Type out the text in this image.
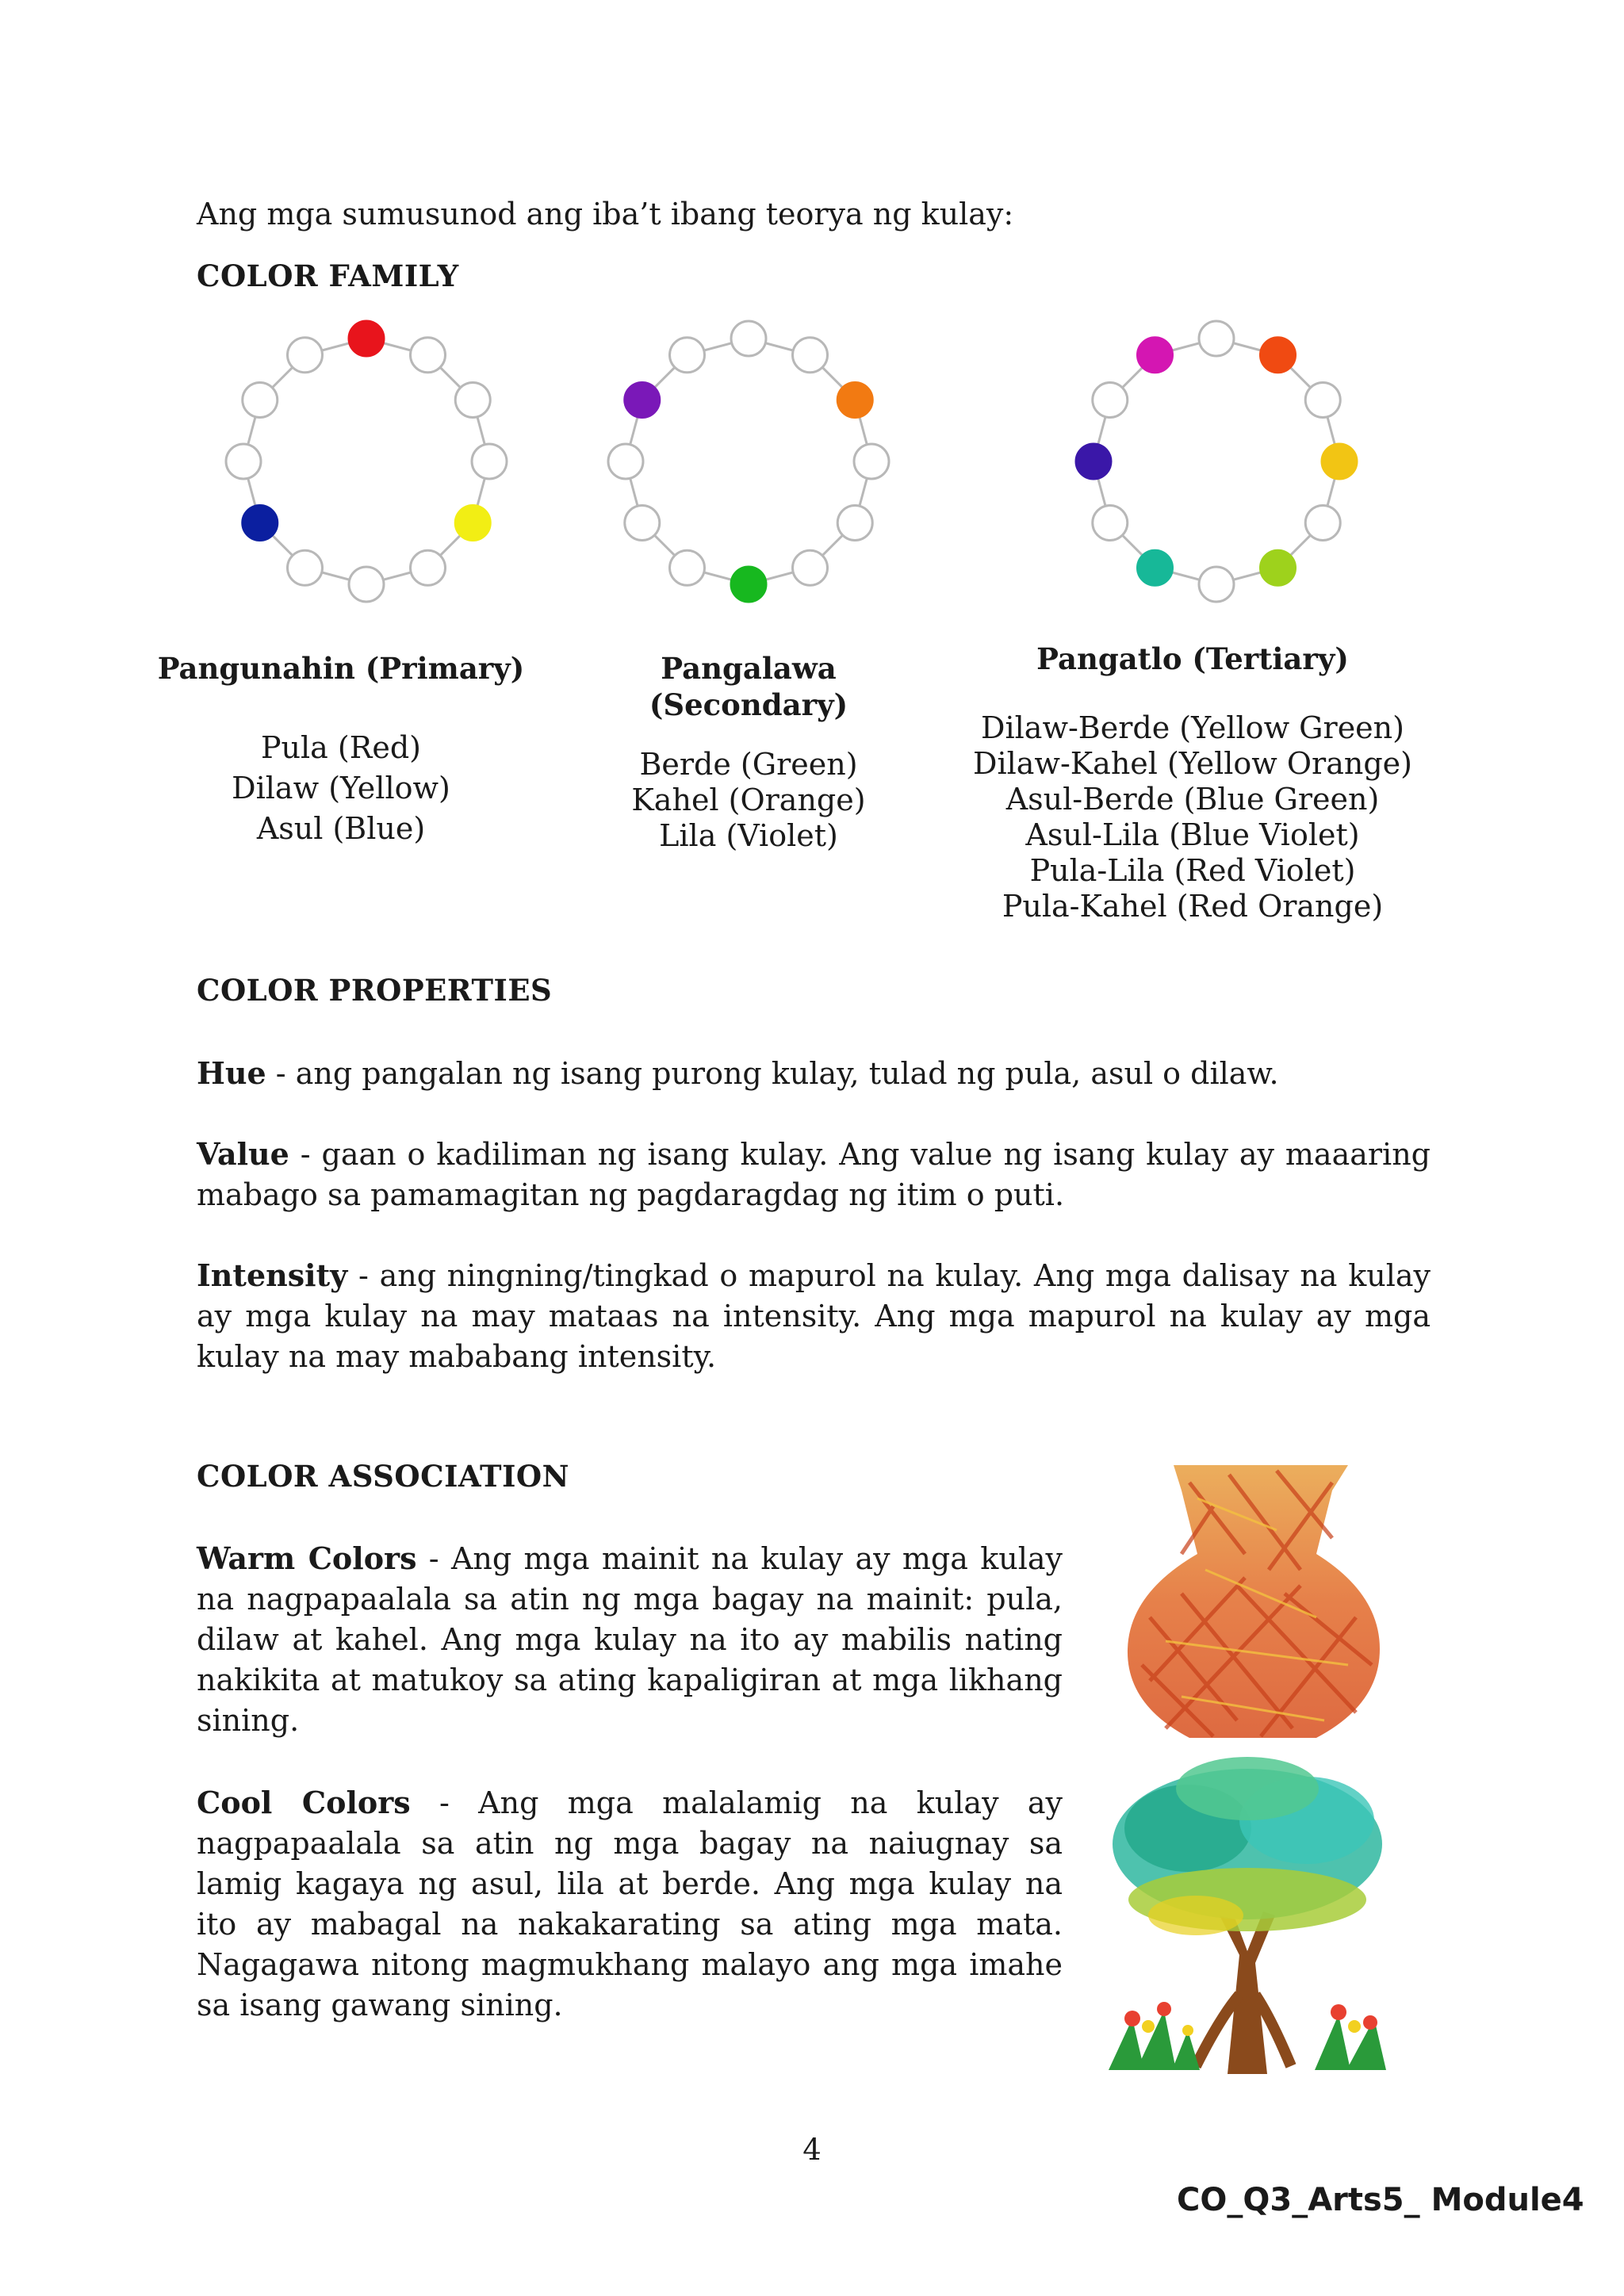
Ang mga sumusunod ang iba’t ibang teorya ng kulay:

COLOR FAMILY

Pangunahin (Primary)

Pula (Red)

Dilaw (Yellow)

Asul (Blue)

Pangalawa

(Secondary)

Berde (Green)

Kahel (Orange)

Lila (Violet)

Pangatlo (Tertiary)

Dilaw-Berde (Yellow Green)

Dilaw-Kahel (Yellow Orange)

Asul-Berde (Blue Green)

Asul-Lila (Blue Violet)

Pula-Lila (Red Violet)

Pula-Kahel (Red Orange)

COLOR PROPERTIES

Hue - ang pangalan ng isang purong kulay, tulad ng pula, asul o dilaw.

Value - gaan o kadiliman ng isang kulay. Ang value ng isang kulay ay maaaring mabago sa pamamagitan ng pagdaragdag ng itim o puti.

Intensity - ang ningning/tingkad o mapurol na kulay. Ang mga dalisay na kulay ay mga kulay na may mataas na intensity. Ang mga mapurol na kulay ay mga kulay na may mababang intensity.

COLOR ASSOCIATION

Warm Colors - Ang mga mainit na kulay ay mga kulay na nagpapaalala sa atin ng mga bagay na mainit: pula, dilaw at kahel. Ang mga kulay na ito ay mabilis nating nakikita at matukoy sa ating kapaligiran at mga likhang sining.

Cool Colors - Ang mga malalamig na kulay ay nagpapaalala sa atin ng mga bagay na naiugnay sa lamig kagaya ng asul, lila at berde. Ang mga kulay na ito ay mabagal na nakakarating sa ating mga mata. Nagagawa nitong magmukhang malayo ang mga imahe sa isang gawang sining.

4
CO_Q3_Arts5_ Module4
